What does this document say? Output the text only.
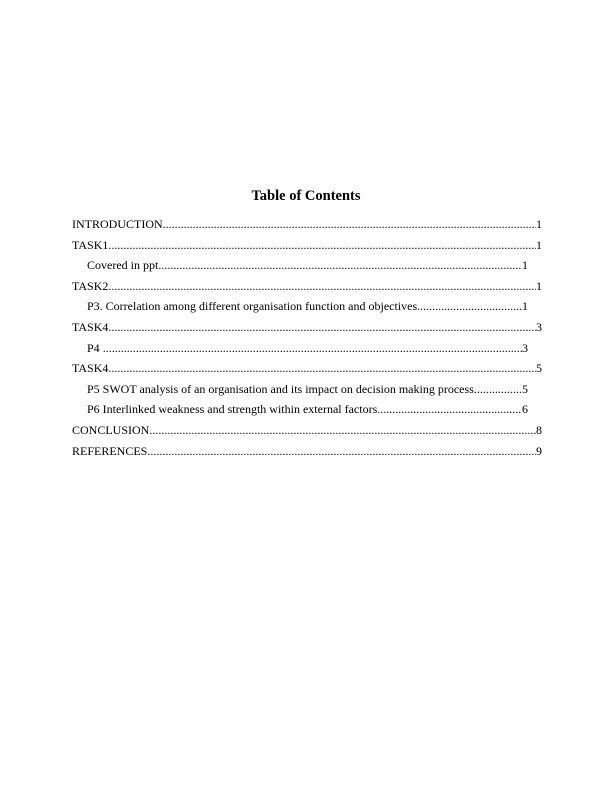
Table of Contents
INTRODUCTION .....	1
TASK1 .....	1
Covered in ppt .....	1
TASK2 .....	1
P3. Correlation among different organisation function and objectives .....	1
TASK4 .....	3
P4 .....	3
TASK4 .....	5
P5 SWOT analysis of an organisation and its impact on decision making process .....	5
P6 Interlinked weakness and strength within external factors .....	6
CONCLUSION .....	8
REFERENCES .....	9
